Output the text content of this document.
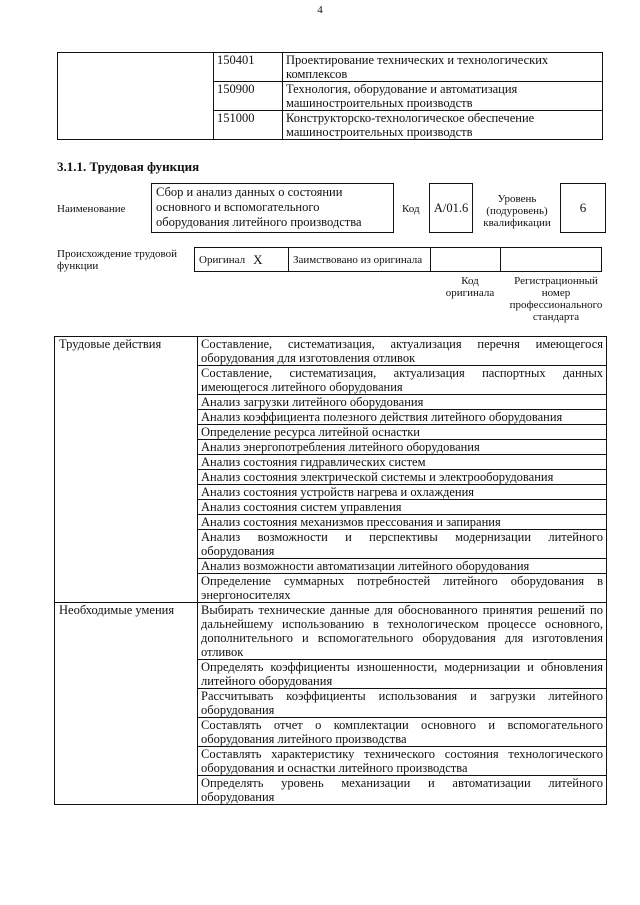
4
	150401	Проектирование технических и технологических комплексов
	150900	Технология, оборудование и автоматизация машиностроительных производств
	151000	Конструкторско-технологическое обеспечение машиностроительных производств
3.1.1. Трудовая функция
Наименование
Сбор и анализ данных о состоянии основного и вспомогательного оборудования литейного производства
Код	A/01.6
Уровень (подуровень) квалификации
6
Происхождение трудовой функции
Оригинал X	Заимствовано из оригинала
Код оригинала
Регистрационный номер профессионального стандарта
Трудовые действия	Составление, систематизация, актуализация перечня имеющегося оборудования для изготовления отливок
	Составление, систематизация, актуализация паспортных данных имеющегося литейного оборудования
	Анализ загрузки литейного оборудования
	Анализ коэффициента полезного действия литейного оборудования
	Определение ресурса литейной оснастки
	Анализ энергопотребления литейного оборудования
	Анализ состояния гидравлических систем
	Анализ состояния электрической системы и электрооборудования
	Анализ состояния устройств нагрева и охлаждения
	Анализ состояния систем управления
	Анализ состояния механизмов прессования и запирания
	Анализ возможности и перспективы модернизации литейного оборудования
	Анализ возможности автоматизации литейного оборудования
	Определение суммарных потребностей литейного оборудования в энергоносителях
Необходимые умения	Выбирать технические данные для обоснованного принятия решений по дальнейшему использованию в технологическом процессе основного, дополнительного и вспомогательного оборудования для изготовления отливок
	Определять коэффициенты изношенности, модернизации и обновления литейного оборудования
	Рассчитывать коэффициенты использования и загрузки литейного оборудования
	Составлять отчет о комплектации основного и вспомогательного оборудования литейного производства
	Составлять характеристику технического состояния технологического оборудования и оснастки литейного производства
	Определять уровень механизации и автоматизации литейного оборудования
